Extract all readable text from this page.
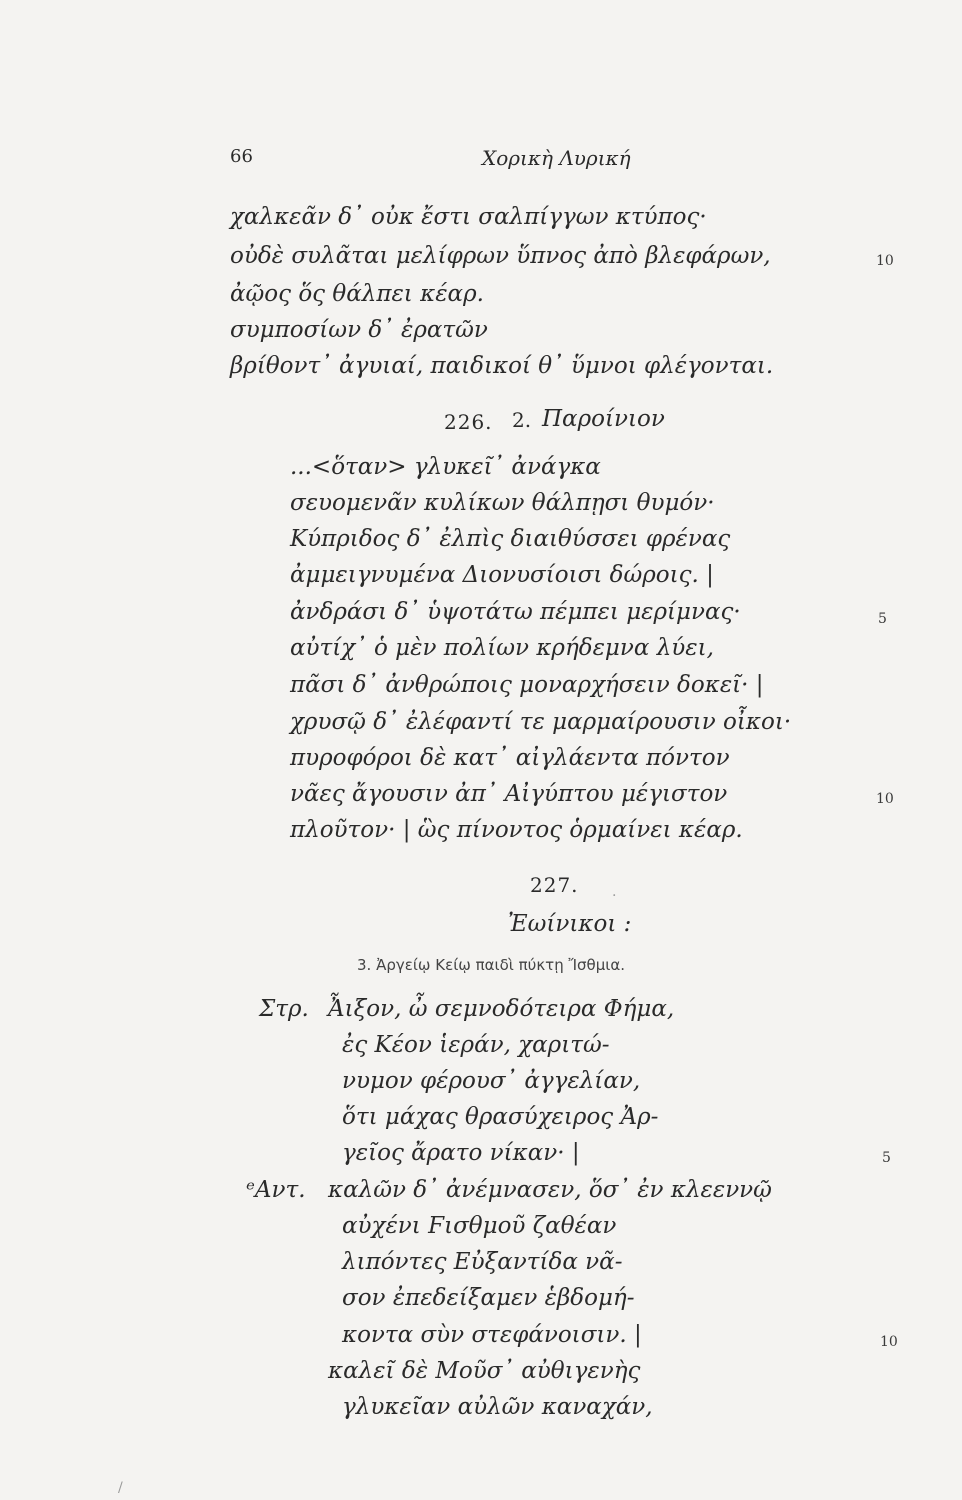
66	Χορικὴ Λυρική
χαλκεᾶν δ᾽ οὐκ ἔστι σαλπίγγων κτύπος·
οὐδὲ συλᾶται μελίφρων ὕπνος ἀπὸ βλεφάρων,	10
ἀῷος ὅς θάλπει κέαρ.
συμποσίων δ᾽ ἐρατῶν
βρίθοντ᾽ ἀγυιαί, παιδικοί θ᾽ ὕμνοι φλέγονται.
226. 2. Παροίνιον
...<ὅταν> γλυκεῖ᾽ ἀνάγκα
σευομενᾶν κυλίκων θάλπῃσι θυμόν·
Κύπριδος δ᾽ ἐλπὶς διαιθύσσει φρένας
ἀμμειγνυμένα Διονυσίοισι δώροις. |
ἀνδράσι δ᾽ ὑψοτάτω πέμπει μερίμνας·	5
αὐτίχ᾽ ὁ μὲν πολίων κρήδεμνα λύει,
πᾶσι δ᾽ ἀνθρώποις μοναρχήσειν δοκεῖ· |
χρυσῷ δ᾽ ἐλέφαντί τε μαρμαίρουσιν οἶκοι·
πυροφόροι δὲ κατ᾽ αἰγλάεντα πόντον
νᾶες ἄγουσιν ἀπ᾽ Αἰγύπτου μέγιστον	10
πλοῦτον· | ὣς πίνοντος ὁρμαίνει κέαρ.
227.
Ἐωίνικοι :
3. Ἀργείῳ Κείῳ παιδὶ πύκτῃ Ἴσθμια.
Στρ. Ἆιξον, ὦ σεμνοδότειρα Φήμα,
ἐς Κέον ἱεράν, χαριτώ-
νυμον φέρουσ᾽ ἀγγελίαν,
ὅτι μάχας θρασύχειρος Ἀρ-
γεῖος ἄρατο νίκαν· |	5
ᵉΑντ. καλῶν δ᾽ ἀνέμνασεν, ὅσ᾽ ἐν κλεεννῷ
αὐχένι Ϝισθμοῦ ζαθέαν
λιπόντες Εὐξαντίδα νᾶ-
σον ἐπεδείξαμεν ἑβδομή-
κοντα σὺν στεφάνοισιν. |	10
καλεῖ δὲ Μοῦσ᾽ αὐθιγενὴς
γλυκεῖαν αὐλῶν καναχάν,
/
.
